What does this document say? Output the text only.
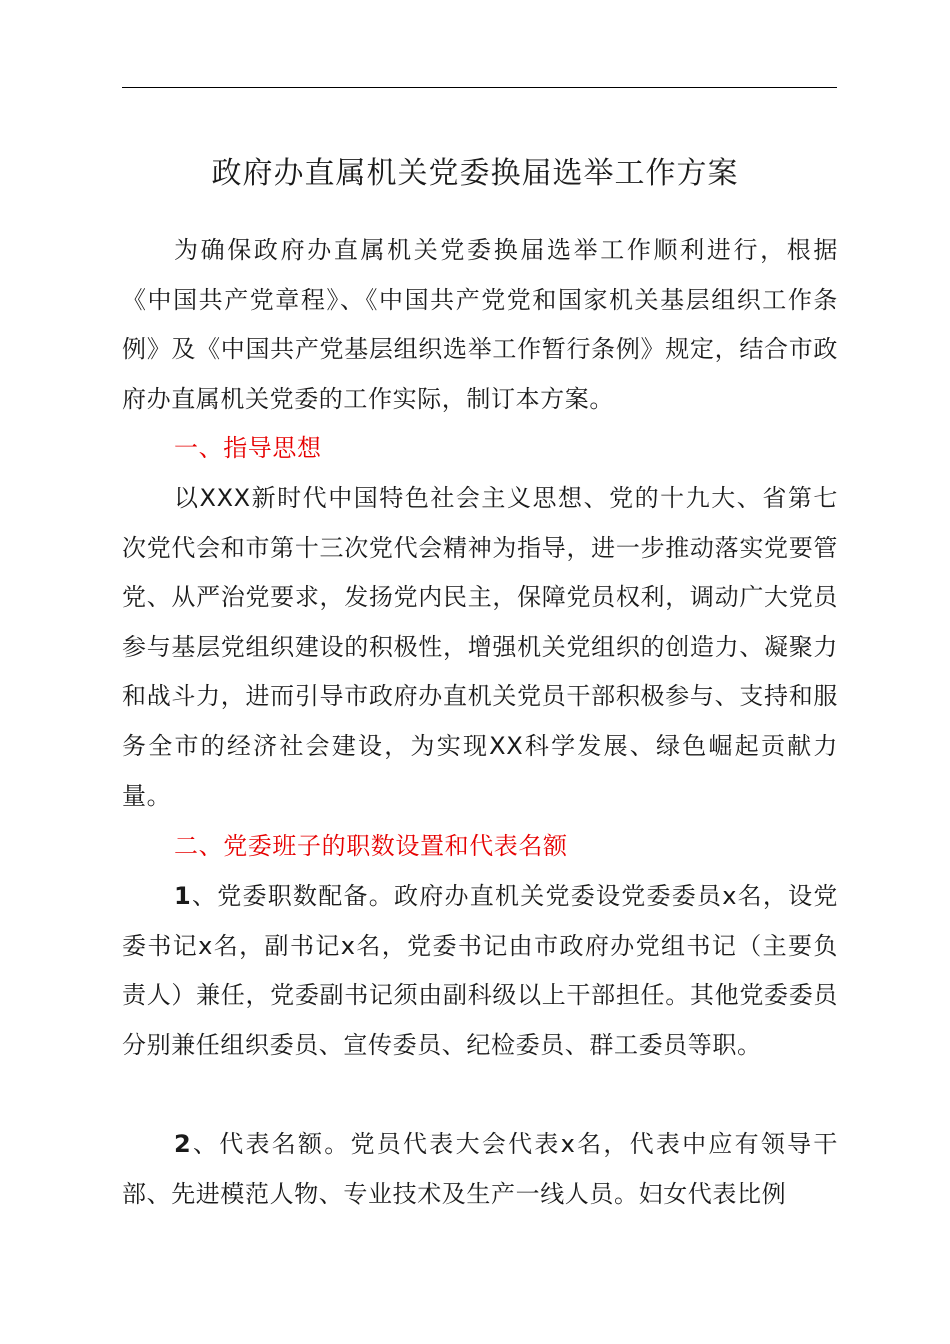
政府办直属机关党委换届选举工作方案

为确保政府办直属机关党委换届选举工作顺利进行，根据《中国共产党章程》、《中国共产党党和国家机关基层组织工作条例》及《中国共产党基层组织选举工作暂行条例》规定，结合市政府办直属机关党委的工作实际，制订本方案。

一、指导思想

以XXX新时代中国特色社会主义思想、党的十九大、省第七次党代会和市第十三次党代会精神为指导，进一步推动落实党要管党、从严治党要求，发扬党内民主，保障党员权利，调动广大党员参与基层党组织建设的积极性，增强机关党组织的创造力、凝聚力和战斗力，进而引导市政府办直机关党员干部积极参与、支持和服务全市的经济社会建设，为实现XX科学发展、绿色崛起贡献力量。

二、党委班子的职数设置和代表名额

1、党委职数配备。政府办直机关党委设党委委员x名，设党委书记x名，副书记x名，党委书记由市政府办党组书记（主要负责人）兼任，党委副书记须由副科级以上干部担任。其他党委委员分别兼任组织委员、宣传委员、纪检委员、群工委员等职。

2、代表名额。党员代表大会代表x名，代表中应有领导干部、先进模范人物、专业技术及生产一线人员。妇女代表比例
